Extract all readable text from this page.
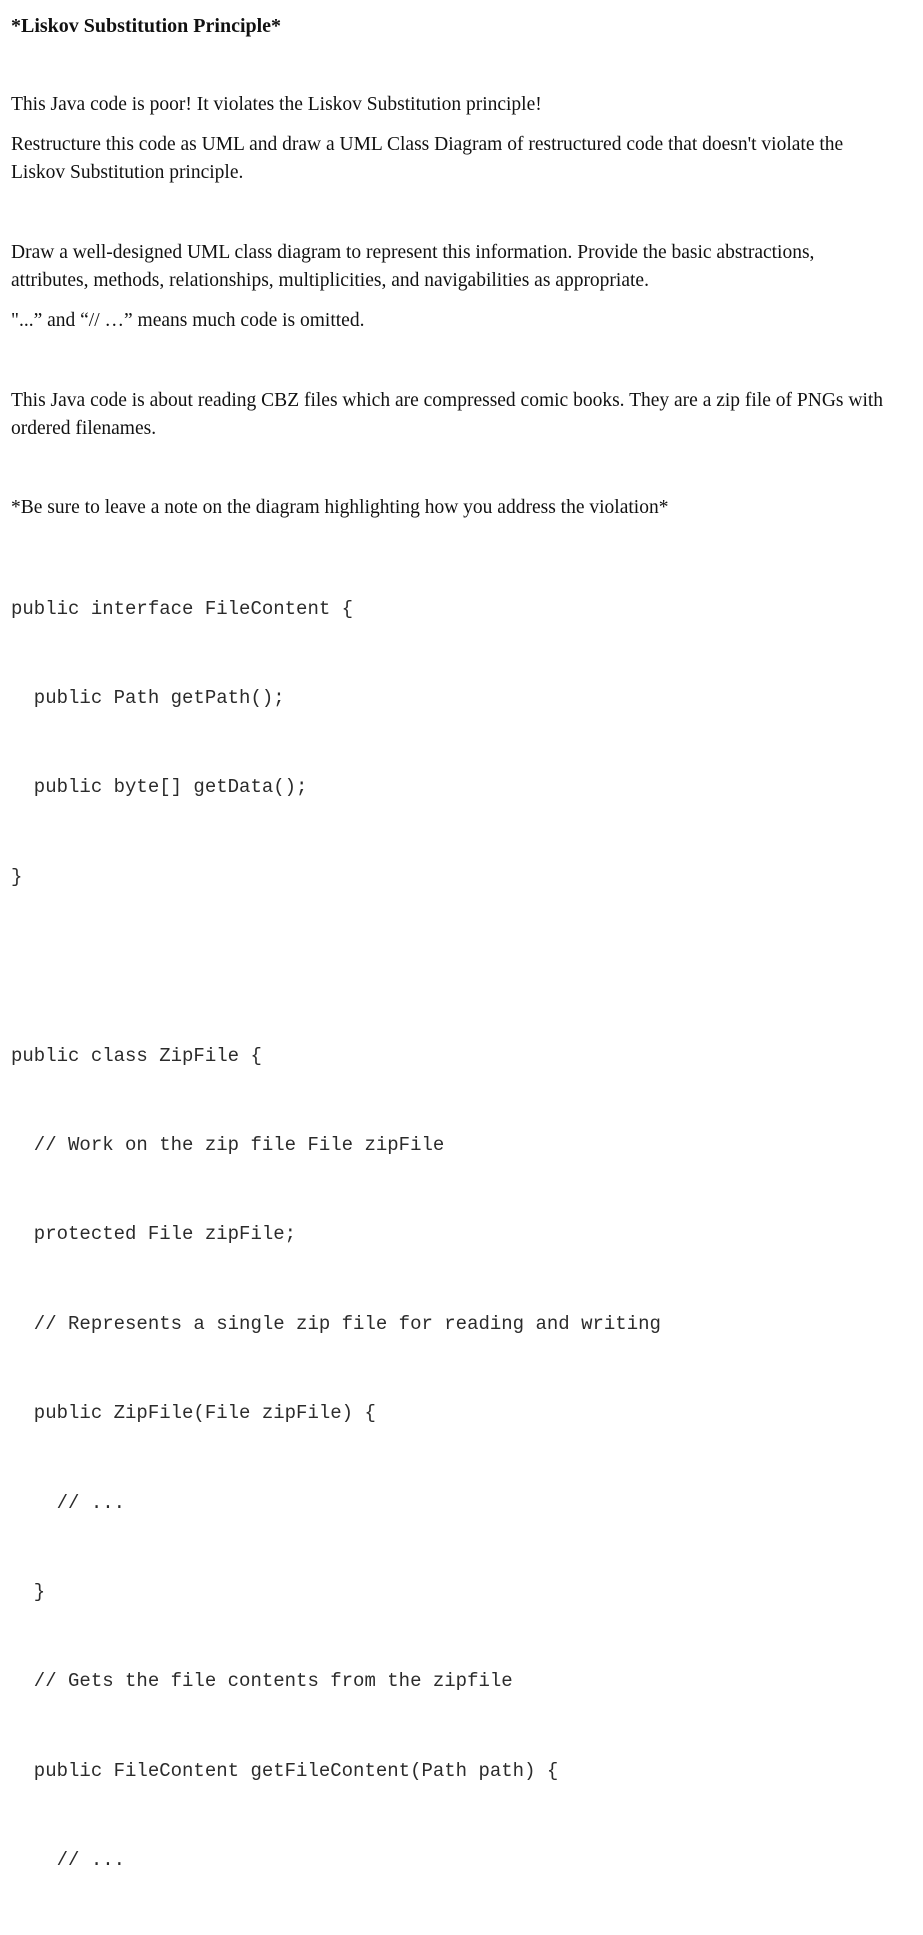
*Liskov Substitution Principle*

This Java code is poor! It violates the Liskov Substitution principle!

Restructure this code as UML and draw a UML Class Diagram of restructured code that doesn't violate the Liskov Substitution principle.

Draw a well-designed UML class diagram to represent this information. Provide the basic abstractions, attributes, methods, relationships, multiplicities, and navigabilities as appropriate.

"...” and “// …” means much code is omitted.

This Java code is about reading CBZ files which are compressed comic books. They are a zip file of PNGs with ordered filenames.

*Be sure to leave a note on the diagram highlighting how you address the violation*

public interface FileContent {

public Path getPath();

public byte[] getData();

}

public class ZipFile {

// Work on the zip file File zipFile

protected File zipFile;

// Represents a single zip file for reading and writing

public ZipFile(File zipFile) {

// ...

}

// Gets the file contents from the zipfile

public FileContent getFileContent(Path path) {

// ...
